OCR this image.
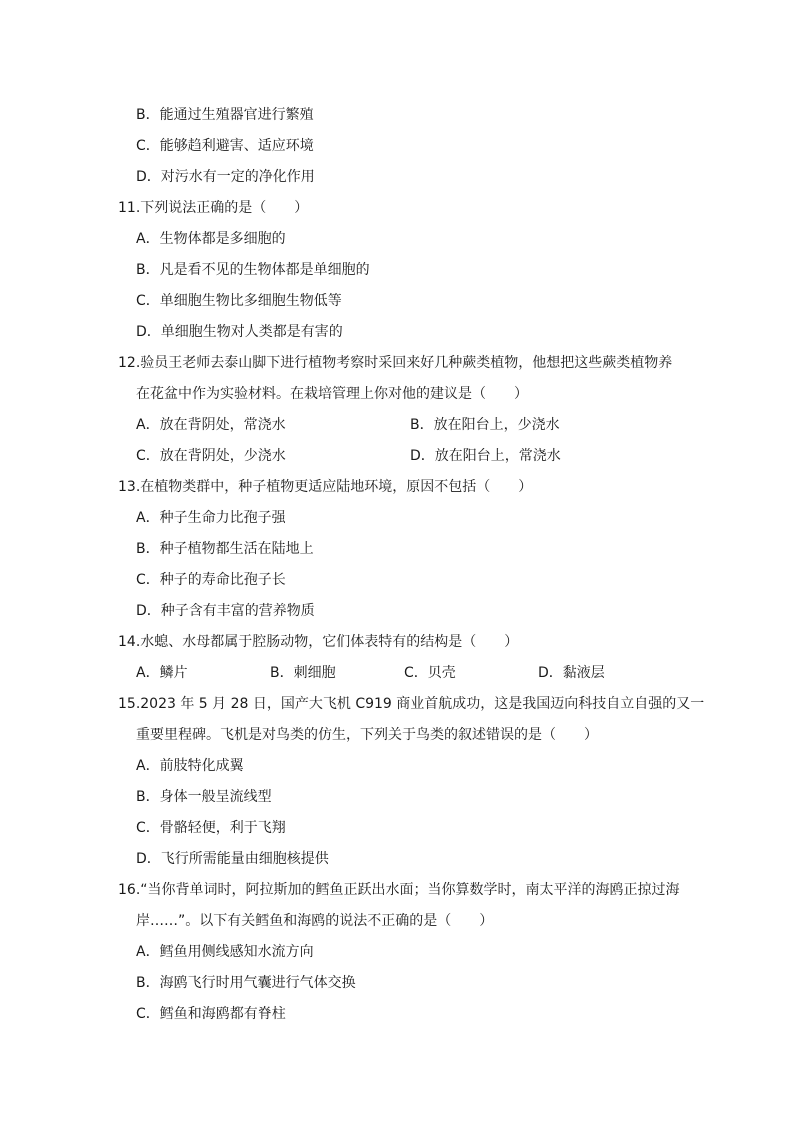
B．能通过生殖器官进行繁殖
C．能够趋利避害、适应环境
D．对污水有一定的净化作用
11.下列说法正确的是（　　）
A．生物体都是多细胞的
B．凡是看不见的生物体都是单细胞的
C．单细胞生物比多细胞生物低等
D．单细胞生物对人类都是有害的
12.验员王老师去泰山脚下进行植物考察时采回来好几种蕨类植物，他想把这些蕨类植物养
在花盆中作为实验材料。在栽培管理上你对他的建议是（　　）
A．放在背阴处，常浇水	B．放在阳台上，少浇水
C．放在背阴处，少浇水	D．放在阳台上，常浇水
13.在植物类群中，种子植物更适应陆地环境，原因不包括（　　）
A．种子生命力比孢子强
B．种子植物都生活在陆地上
C．种子的寿命比孢子长
D．种子含有丰富的营养物质
14.水螅、水母都属于腔肠动物，它们体表特有的结构是（　　）
A．鳞片	B．刺细胞	C．贝壳	D．黏液层
15.2023 年 5 月 28 日，国产大飞机 C919 商业首航成功，这是我国迈向科技自立自强的又一
重要里程碑。飞机是对鸟类的仿生，下列关于鸟类的叙述错误的是（　　）
A．前肢特化成翼
B．身体一般呈流线型
C．骨骼轻便，利于飞翔
D．飞行所需能量由细胞核提供
16.“当你背单词时，阿拉斯加的鳕鱼正跃出水面；当你算数学时，南太平洋的海鸥正掠过海
岸……”。以下有关鳕鱼和海鸥的说法不正确的是（　　）
A．鳕鱼用侧线感知水流方向
B．海鸥飞行时用气囊进行气体交换
C．鳕鱼和海鸥都有脊柱
